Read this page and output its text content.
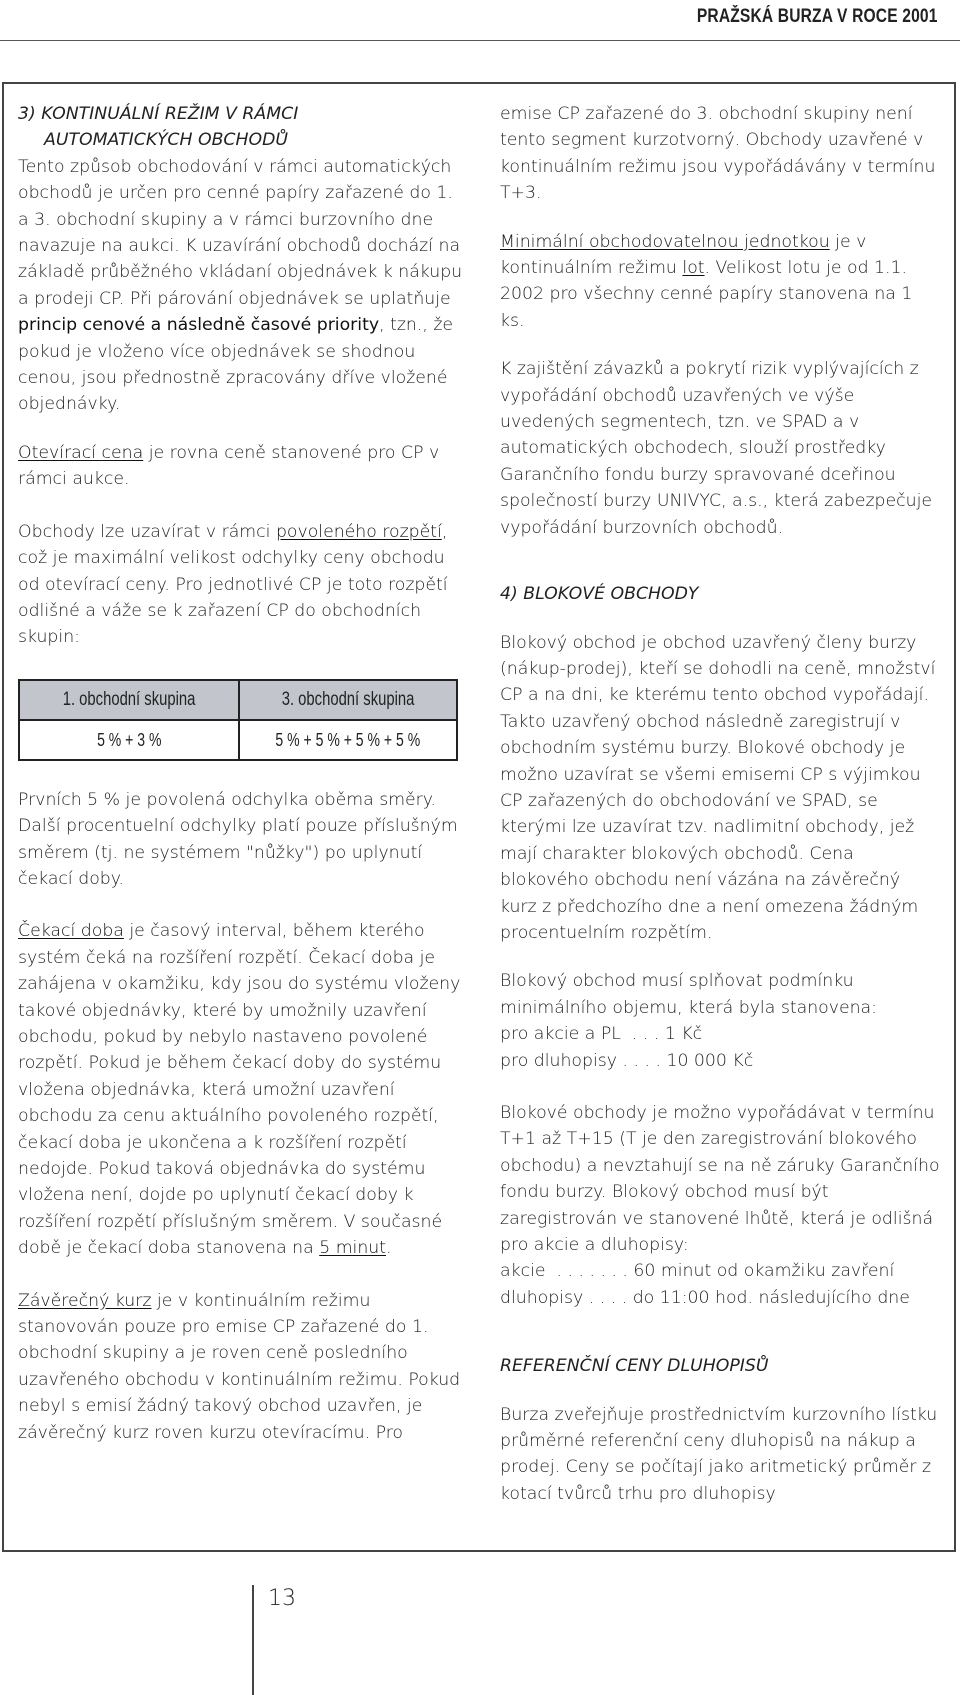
PRAŽSKÁ BURZA V ROCE 2001

3) KONTINUÁLNÍ REŽIM V RÁMCI
AUTOMATICKÝCH OBCHODŮ

Tento způsob obchodování v rámci automatických obchodů je určen pro cenné papíry zařazené do 1. a 3. obchodní skupiny a v rámci burzovního dne navazuje na aukci. K uzavírání obchodů dochází na základě průběžného vkládaní objednávek k nákupu a prodeji CP. Při párování objednávek se uplatňuje princip cenové a následně časové priority, tzn., že pokud je vloženo více objednávek se shodnou cenou, jsou přednostně zpracovány dříve vložené objednávky.

Otevírací cena je rovna ceně stanovené pro CP v rámci aukce.

Obchody lze uzavírat v rámci povoleného rozpětí, což je maximální velikost odchylky ceny obchodu od otevírací ceny. Pro jednotlivé CP je toto rozpětí odlišné a váže se k zařazení CP do obchodních skupin:

1. obchodní skupina	3. obchodní skupina
5 % + 3 %	5 % + 5 % + 5 % + 5 %

Prvních 5 % je povolená odchylka oběma směry. Další procentuelní odchylky platí pouze příslušným směrem (tj. ne systémem "nůžky") po uplynutí čekací doby.

Čekací doba je časový interval, během kterého systém čeká na rozšíření rozpětí. Čekací doba je zahájena v okamžiku, kdy jsou do systému vloženy takové objednávky, které by umožnily uzavření obchodu, pokud by nebylo nastaveno povolené rozpětí. Pokud je během čekací doby do systému vložena objednávka, která umožní uzavření obchodu za cenu aktuálního povoleného rozpětí, čekací doba je ukončena a k rozšíření rozpětí nedojde. Pokud taková objednávka do systému vložena není, dojde po uplynutí čekací doby k rozšíření rozpětí příslušným směrem. V současné době je čekací doba stanovena na 5 minut.

Závěrečný kurz je v kontinuálním režimu stanovován pouze pro emise CP zařazené do 1. obchodní skupiny a je roven ceně posledního uzavřeného obchodu v kontinuálním režimu. Pokud nebyl s emisí žádný takový obchod uzavřen, je závěrečný kurz roven kurzu otevíracímu. Pro

emise CP zařazené do 3. obchodní skupiny není tento segment kurzotvorný. Obchody uzavřené v kontinuálním režimu jsou vypořádávány v termínu T+3.

Minimální obchodovatelnou jednotkou je v kontinuálním režimu lot. Velikost lotu je od 1.1. 2002 pro všechny cenné papíry stanovena na 1 ks.

K zajištění závazků a pokrytí rizik vyplývajících z vypořádání obchodů uzavřených ve výše uvedených segmentech, tzn. ve SPAD a v automatických obchodech, slouží prostředky Garančního fondu burzy spravované dceřinou společností burzy UNIVYC, a.s., která zabezpečuje vypořádání burzovních obchodů.

4) BLOKOVÉ OBCHODY

Blokový obchod je obchod uzavřený členy burzy (nákup-prodej), kteří se dohodli na ceně, množství CP a na dni, ke kterému tento obchod vypořádají. Takto uzavřený obchod následně zaregistrují v obchodním systému burzy. Blokové obchody je možno uzavírat se všemi emisemi CP s výjimkou CP zařazených do obchodování ve SPAD, se kterými lze uzavírat tzv. nadlimitní obchody, jež mají charakter blokových obchodů. Cena blokového obchodu není vázána na závěrečný kurz z předchozího dne a není omezena žádným procentuelním rozpětím.

Blokový obchod musí splňovat podmínku minimálního objemu, která byla stanovena:

pro akcie a PL  . . . 1 Kč

pro dluhopisy . . . . 10 000 Kč

Blokové obchody je možno vypořádávat v termínu T+1 až T+15 (T je den zaregistrování blokového obchodu) a nevztahují se na ně záruky Garančního fondu burzy. Blokový obchod musí být zaregistrován ve stanovené lhůtě, která je odlišná pro akcie a dluhopisy:

akcie  . . . . . . . 60 minut od okamžiku zavření

dluhopisy . . . . do 11:00 hod. následujícího dne

REFERENČNÍ CENY DLUHOPISŮ

Burza zveřejňuje prostřednictvím kurzovního lístku průměrné referenční ceny dluhopisů na nákup a prodej. Ceny se počítají jako aritmetický průměr z kotací tvůrců trhu pro dluhopisy

13
